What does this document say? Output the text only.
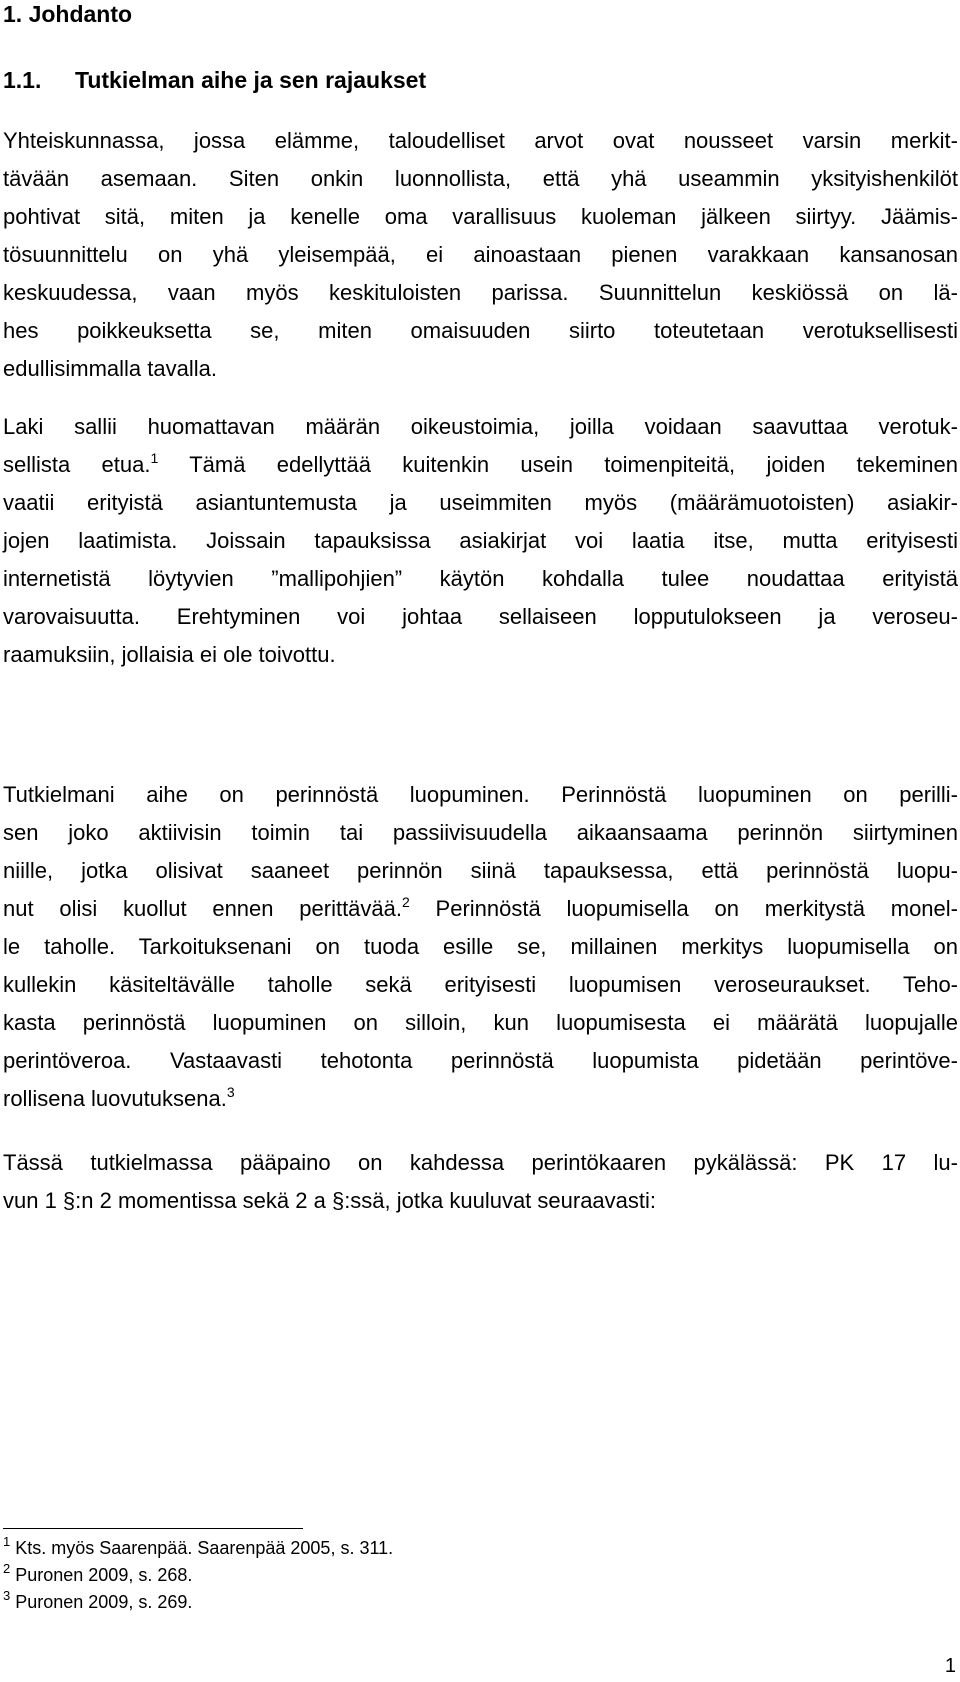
1. Johdanto
1.1. Tutkielman aihe ja sen rajaukset
Yhteiskunnassa, jossa elämme, taloudelliset arvot ovat nousseet varsin merkit-
tävään asemaan. Siten onkin luonnollista, että yhä useammin yksityishenkilöt
pohtivat sitä, miten ja kenelle oma varallisuus kuoleman jälkeen siirtyy. Jäämis-
tösuunnittelu on yhä yleisempää, ei ainoastaan pienen varakkaan kansanosan
keskuudessa, vaan myös keskituloisten parissa. Suunnittelun keskiössä on lä-
hes poikkeuksetta se, miten omaisuuden siirto toteutetaan verotuksellisesti
edullisimmalla tavalla.
Laki sallii huomattavan määrän oikeustoimia, joilla voidaan saavuttaa verotuk-
sellista etua.$^1$ Tämä edellyttää kuitenkin usein toimenpiteitä, joiden tekeminen
vaatii erityistä asiantuntemusta ja useimmiten myös (määrämuotoisten) asiakir-
jojen laatimista. Joissain tapauksissa asiakirjat voi laatia itse, mutta erityisesti
internetistä löytyvien ”mallipohjien” käytön kohdalla tulee noudattaa erityistä
varovaisuutta. Erehtyminen voi johtaa sellaiseen lopputulokseen ja veroseu-
raamuksiin, jollaisia ei ole toivottu.
Tutkielmani aihe on perinnöstä luopuminen. Perinnöstä luopuminen on perilli-
sen joko aktiivisin toimin tai passiivisuudella aikaansaama perinnön siirtyminen
niille, jotka olisivat saaneet perinnön siinä tapauksessa, että perinnöstä luopu-
nut olisi kuollut ennen perittävää.$^2$ Perinnöstä luopumisella on merkitystä monel-
le taholle. Tarkoituksenani on tuoda esille se, millainen merkitys luopumisella on
kullekin käsiteltävälle taholle sekä erityisesti luopumisen veroseuraukset. Teho-
kasta perinnöstä luopuminen on silloin, kun luopumisesta ei määrätä luopujalle
perintöveroa. Vastaavasti tehotonta perinnöstä luopumista pidetään perintöve-
rollisena luovutuksena.$^3$
Tässä tutkielmassa pääpaino on kahdessa perintökaaren pykälässä: PK 17 lu-
vun 1 §:n 2 momentissa sekä 2 a §:ssä, jotka kuuluvat seuraavasti:
$^1$ Kts. myös Saarenpää. Saarenpää 2005, s. 311.
$^2$ Puronen 2009, s. 268.
$^3$ Puronen 2009, s. 269.
1
